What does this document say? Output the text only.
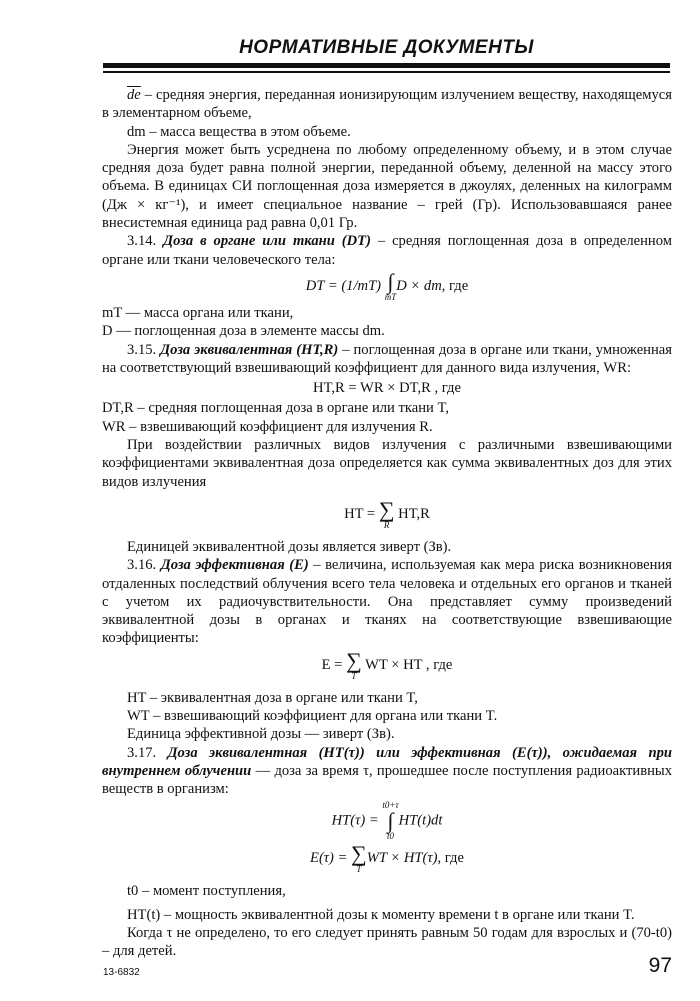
НОРМАТИВНЫЕ ДОКУМЕНТЫ

$\overline{de}$ – средняя энергия, переданная ионизирующим излучением веществу, находящемуся в элементарном объеме,

dm – масса вещества в этом объеме.

Энергия может быть усреднена по любому определенному объему, и в этом случае средняя доза будет равна полной энергии, переданной объему, деленной на массу этого объема. В единицах СИ поглощенная доза измеряется в джоулях, деленных на килограмм (Дж × кг⁻¹), и имеет специальное название – грей (Гр). Использовавшаяся ранее внесистемная единица рад равна 0,01 Гр.

3.14. Доза в органе или ткани (DT) – средняя поглощенная доза в определенном органе или ткани человеческого тела:

DT = (1/mT) ∫
mT
D × dm, где

mT — масса органа или ткани,

D — поглощенная доза в элементе массы dm.

3.15. Доза эквивалентная (HT,R) – поглощенная доза в органе или ткани, умноженная на соответствующий взвешивающий коэффициент для данного вида излучения, WR:

HT,R = WR × DT,R , где

DT,R – средняя поглощенная доза в органе или ткани T,

WR – взвешивающий коэффициент для излучения R.

При воздействии различных видов излучения с различными взвешивающими коэффициентами эквивалентная доза определяется как сумма эквивалентных доз для этих видов излучения

HT = ∑
R
HT,R

Единицей эквивалентной дозы является зиверт (Зв).

3.16. Доза эффективная (E) – величина, используемая как мера риска возникновения отдаленных последствий облучения всего тела человека и отдельных его органов и тканей с учетом их радиочувствительности. Она представляет сумму произведений эквивалентной дозы в органах и тканях на соответствующие взвешивающие коэффициенты:

E = ∑
T
WT × HT , где

HT – эквивалентная доза в органе или ткани T,

WT – взвешивающий коэффициент для органа или ткани T.

Единица эффективной дозы — зиверт (Зв).

3.17. Доза эквивалентная (HT(τ)) или эффективная (E(τ)), ожидаемая при внутреннем облучении — доза за время τ, прошедшее после поступления радиоактивных веществ в организм:

HT(τ) =
t0+τ
∫
t0
HT(t)dt
E(τ) = ∑
T
WT × HT(τ), где

t0 – момент поступления,

HT(t) – мощность эквивалентной дозы к моменту времени t в органе или ткани T.

Когда τ не определено, то его следует принять равным 50 годам для взрослых и (70-t0) – для детей.

13-6832	97
